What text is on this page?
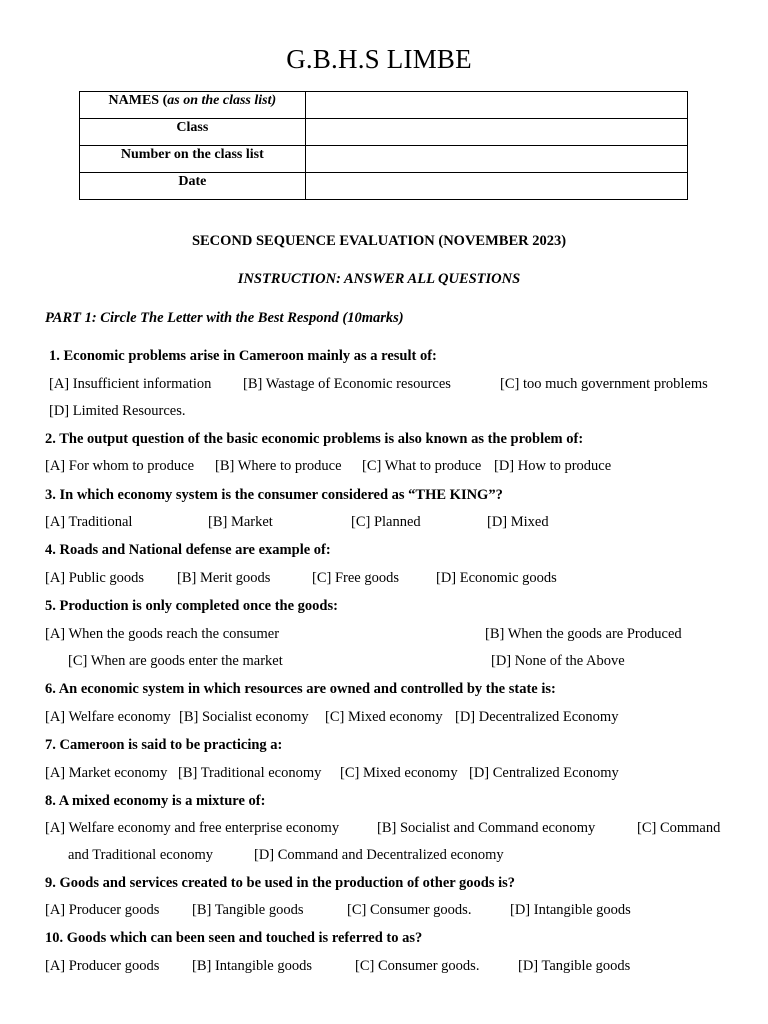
G.B.H.S LIMBE
NAMES (as on the class list)	
Class	
Number on the class list	
Date	
SECOND SEQUENCE EVALUATION (NOVEMBER 2023)
INSTRUCTION: ANSWER ALL QUESTIONS
PART 1: Circle The Letter with the Best Respond (10marks)
1. Economic problems arise in Cameroon mainly as a result of:
[A] Insufficient information [B] Wastage of Economic resources	[C] too much government problems
[D] Limited Resources.
2. The output question of the basic economic problems is also known as the problem of:
[A] For whom to produce [B] Where to produce [C] What to produce [D] How to produce
3. In which economy system is the consumer considered as “THE KING”?
[A] Traditional	[B] Market	[C] Planned	[D] Mixed
4. Roads and National defense are example of:
[A] Public goods [B] Merit goods	[C] Free goods	[D] Economic goods
5. Production is only completed once the goods:
[A] When the goods reach the consumer	[B] When the goods are Produced
[C] When are goods enter the market	[D] None of the Above
6. An economic system in which resources are owned and controlled by the state is:
[A] Welfare economy [B] Socialist economy [C] Mixed economy [D] Decentralized Economy
7. Cameroon is said to be practicing a:
[A] Market economy [B] Traditional economy [C] Mixed economy [D] Centralized Economy
8. A mixed economy is a mixture of:
[A] Welfare economy and free enterprise economy	[B] Socialist and Command economy	[C] Command
and Traditional economy	[D] Command and Decentralized economy
9. Goods and services created to be used in the production of other goods is?
[A] Producer goods [B] Tangible goods	[C] Consumer goods.	[D] Intangible goods
10. Goods which can been seen and touched is referred to as?
[A] Producer goods [B] Intangible goods	[C] Consumer goods.	[D] Tangible goods
